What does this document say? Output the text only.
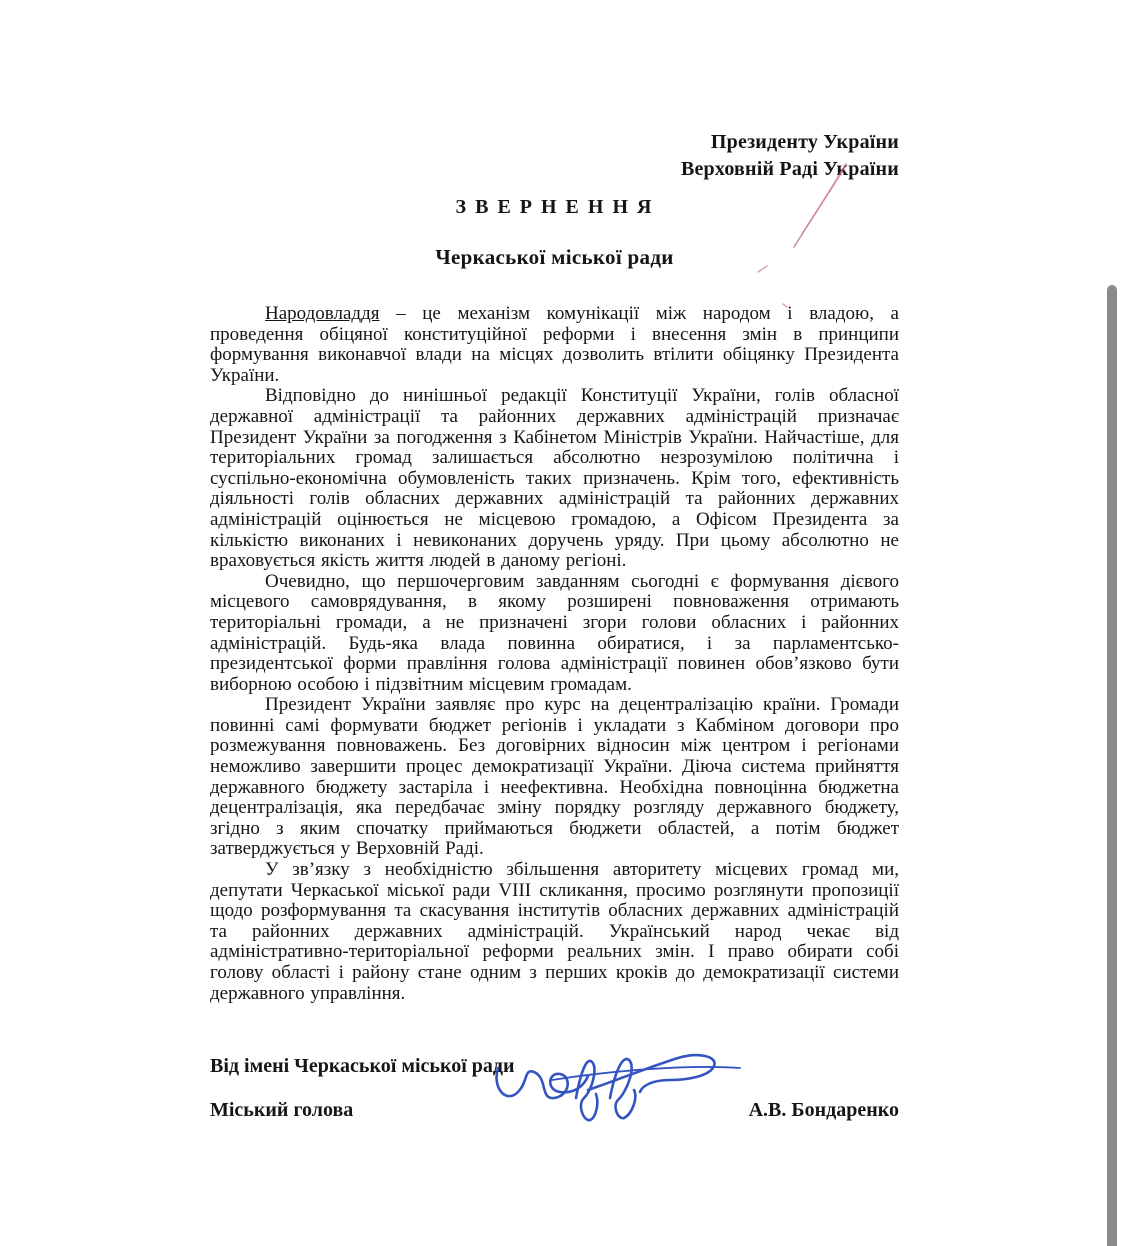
Президенту України
Верховній Раді України
З В Е Р Н Е Н Н Я
Черкаської міської ради

Народовладдя – це механізм комунікації між народом і владою, а проведення обіцяної конституційної реформи і внесення змін в принципи формування виконавчої влади на місцях дозволить втілити обіцянку Президента України.

Відповідно до нинішньої редакції Конституції України, голів обласної державної адміністрації та районних державних адміністрацій призначає Президент України за погодження з Кабінетом Міністрів України. Найчастіше, для територіальних громад залишається абсолютно незрозумілою політична і суспільно-економічна обумовленість таких призначень. Крім того, ефективність діяльності голів обласних державних адміністрацій та районних державних адміністрацій оцінюється не місцевою громадою, а Офісом Президента за кількістю виконаних і невиконаних доручень уряду. При цьому абсолютно не враховується якість життя людей в даному регіоні.

Очевидно, що першочерговим завданням сьогодні є формування дієвого місцевого самоврядування, в якому розширені повноваження отримають територіальні громади, а не призначені згори голови обласних і районних адміністрацій. Будь-яка влада повинна обиратися, і за парламентсько-президентської форми правління голова адміністрації повинен обов’язково бути виборною особою і підзвітним місцевим громадам.

Президент України заявляє про курс на децентралізацію країни. Громади повинні самі формувати бюджет регіонів і укладати з Кабміном договори про розмежування повноважень. Без договірних відносин між центром і регіонами неможливо завершити процес демократизації України. Діюча система прийняття державного бюджету застаріла і неефективна. Необхідна повноцінна бюджетна децентралізація, яка передбачає зміну порядку розгляду державного бюджету, згідно з яким спочатку приймаються бюджети областей, а потім бюджет затверджується у Верховній Раді.

У зв’язку з необхідністю збільшення авторитету місцевих громад ми, депутати Черкаської міської ради VIII скликання, просимо розглянути пропозиції щодо розформування та скасування інститутів обласних державних адміністрацій та районних державних адміністрацій. Український народ чекає від адміністративно-територіальної реформи реальних змін. І право обирати собі голову області і району стане одним з перших кроків до демократизації системи державного управління.

Від імені Черкаської міської ради
Міський голова	А.В. Бондаренко
